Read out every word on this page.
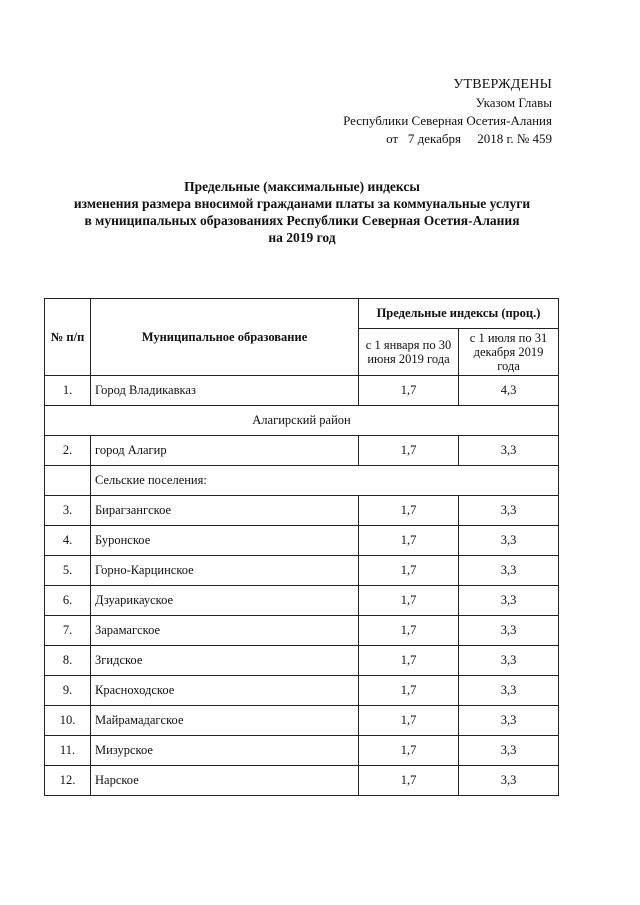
УТВЕРЖДЕНЫ
Указом Главы
Республики Северная Осетия-Алания
от 7 декабря 2018 г. № 459
Предельные (максимальные) индексы
изменения размера вносимой гражданами платы за коммунальные услуги
в муниципальных образованиях Республики Северная Осетия-Алания
на 2019 год
№ п/п	Муниципальное образование	Предельные индексы (проц.)	
		с 1 января по 30 июня 2019 года	с 1 июля по 31 декабря 2019 года
1.	Город Владикавказ	1,7	4,3
Алагирский район			
2.	город Алагир	1,7	3,3
	Сельские поселения:		
3.	Бирагзангское	1,7	3,3
4.	Буронское	1,7	3,3
5.	Горно-Карцинское	1,7	3,3
6.	Дзуарикауское	1,7	3,3
7.	Зарамагское	1,7	3,3
8.	Згидское	1,7	3,3
9.	Красноходское	1,7	3,3
10.	Майрамадагское	1,7	3,3
11.	Мизурское	1,7	3,3
12.	Нарское	1,7	3,3
